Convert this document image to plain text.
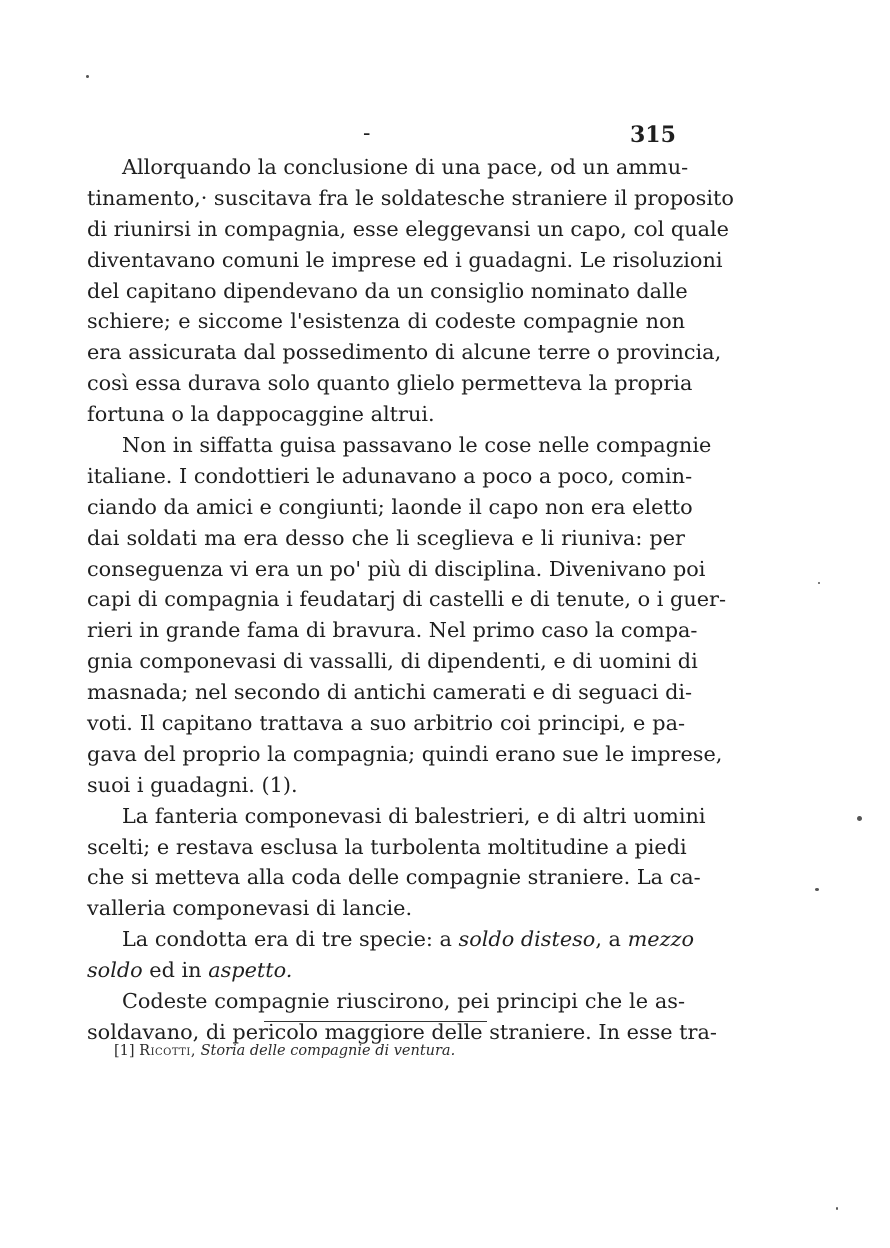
-	315

Allorquando la conclusione di una pace, od un ammu-
tinamento,· suscitava fra le soldatesche straniere il proposito
di riunirsi in compagnia, esse eleggevansi un capo, col quale
diventavano comuni le imprese ed i guadagni. Le risoluzioni
del capitano dipendevano da un consiglio nominato dalle
schiere; e siccome l'esistenza di codeste compagnie non
era assicurata dal possedimento di alcune terre o provincia,
così essa durava solo quanto glielo permetteva la propria
fortuna o la dappocaggine altrui.

Non in siffatta guisa passavano le cose nelle compagnie
italiane. I condottieri le adunavano a poco a poco, comin-
ciando da amici e congiunti; laonde il capo non era eletto
dai soldati ma era desso che li sceglieva e li riuniva: per
conseguenza vi era un po' più di disciplina. Divenivano poi
capi di compagnia i feudatarj di castelli e di tenute, o i guer-
rieri in grande fama di bravura. Nel primo caso la compa-
gnia componevasi di vassalli, di dipendenti, e di uomini di
masnada; nel secondo di antichi camerati e di seguaci di-
voti. Il capitano trattava a suo arbitrio coi principi, e pa-
gava del proprio la compagnia; quindi erano sue le imprese,
suoi i guadagni. (1).

La fanteria componevasi di balestrieri, e di altri uomini
scelti; e restava esclusa la turbolenta moltitudine a piedi
che si metteva alla coda delle compagnie straniere. La ca-
valleria componevasi di lancie.

La condotta era di tre specie: a soldo disteso, a mezzo
soldo ed in aspetto.

Codeste compagnie riuscirono, pei principi che le as-
soldavano, di pericolo maggiore delle straniere. In esse tra-

[1] Ricotti, Storia delle compagnie di ventura.
